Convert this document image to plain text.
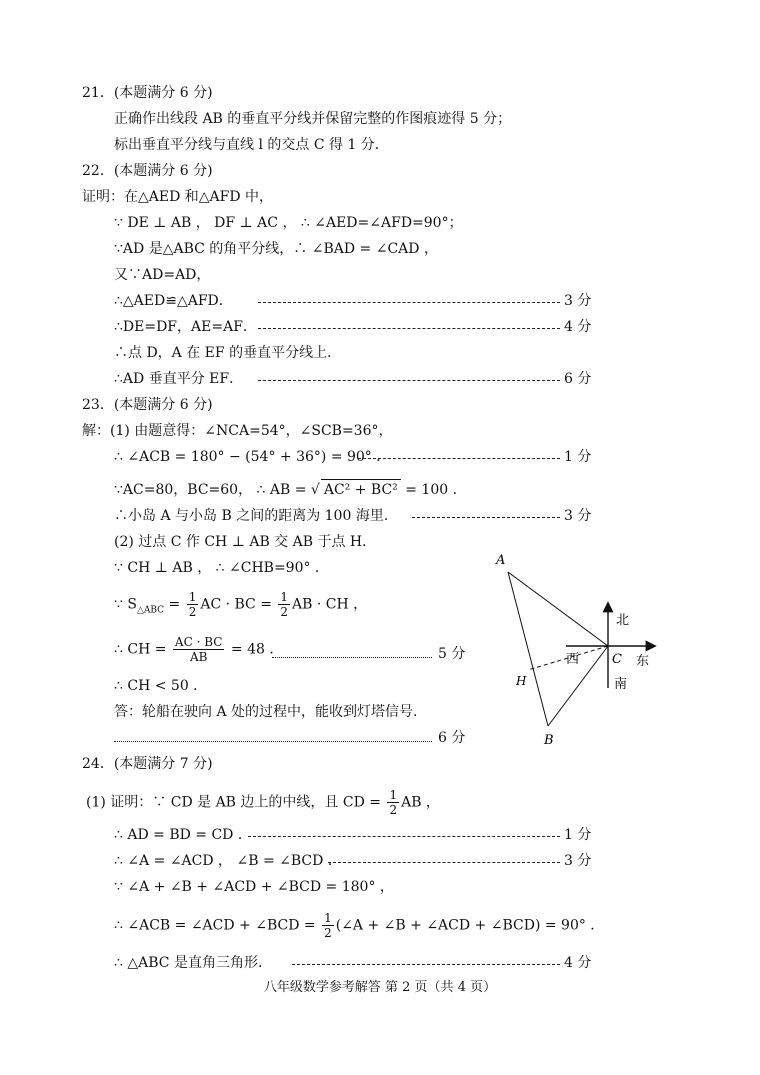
21．(本题满分 6 分)
正确作出线段 AB 的垂直平分线并保留完整的作图痕迹得 5 分；
标出垂直平分线与直线 l 的交点 C 得 1 分．
22．(本题满分 6 分)
证明：在△AED 和△AFD 中，
∵ DE ⊥ AB ， DF ⊥ AC ， ∴ ∠AED=∠AFD=90°；
∵AD 是△ABC 的角平分线，∴ ∠BAD = ∠CAD ，
又∵AD=AD，
∴△AED≌△AFD．	3 分
∴DE=DF，AE=AF．	4 分
∴点 D，A 在 EF 的垂直平分线上．
∴AD 垂直平分 EF．	6 分
23．(本题满分 6 分)
解：(1) 由题意得：∠NCA=54°，∠SCB=36°，
∴ ∠ACB = 180° − (54° + 36°) = 90° ．	1 分
∵AC=80，BC=60， ∴ AB = √ AC² + BC² = 100 ．
∴小岛 A 与小岛 B 之间的距离为 100 海里．	3 分
(2) 过点 C 作 CH ⊥ AB 交 AB 于点 H．
∵ CH ⊥ AB ， ∴ ∠CHB=90° ．
∵ $S_{\triangle ABC} = \frac{1}{2}$ AC · BC = $\frac{1}{2}$ AB · CH ，
∴ CH = $\frac{AC \cdot BC}{AB} = 48$ ．	5 分
∴ CH < 50 ．
答：轮船在驶向 A 处的过程中，能收到灯塔信号．
6 分
A
B
C
H
北
南
东
西
24．(本题满分 7 分)
(1) 证明：∵ CD 是 AB 边上的中线，且 CD = $\frac{1}{2}$ AB ，
∴ AD = BD = CD ．	1 分
∴ ∠A = ∠ACD ， ∠B = ∠BCD ．	3 分
∵ ∠A + ∠B + ∠ACD + ∠BCD = 180° ，
∴ ∠ACB = ∠ACD + ∠BCD = $\frac{1}{2}$ (∠A + ∠B + ∠ACD + ∠BCD) = 90° ．
∴ △ABC 是直角三角形．	4 分
八年级数学参考解答 第 2 页（共 4 页）
